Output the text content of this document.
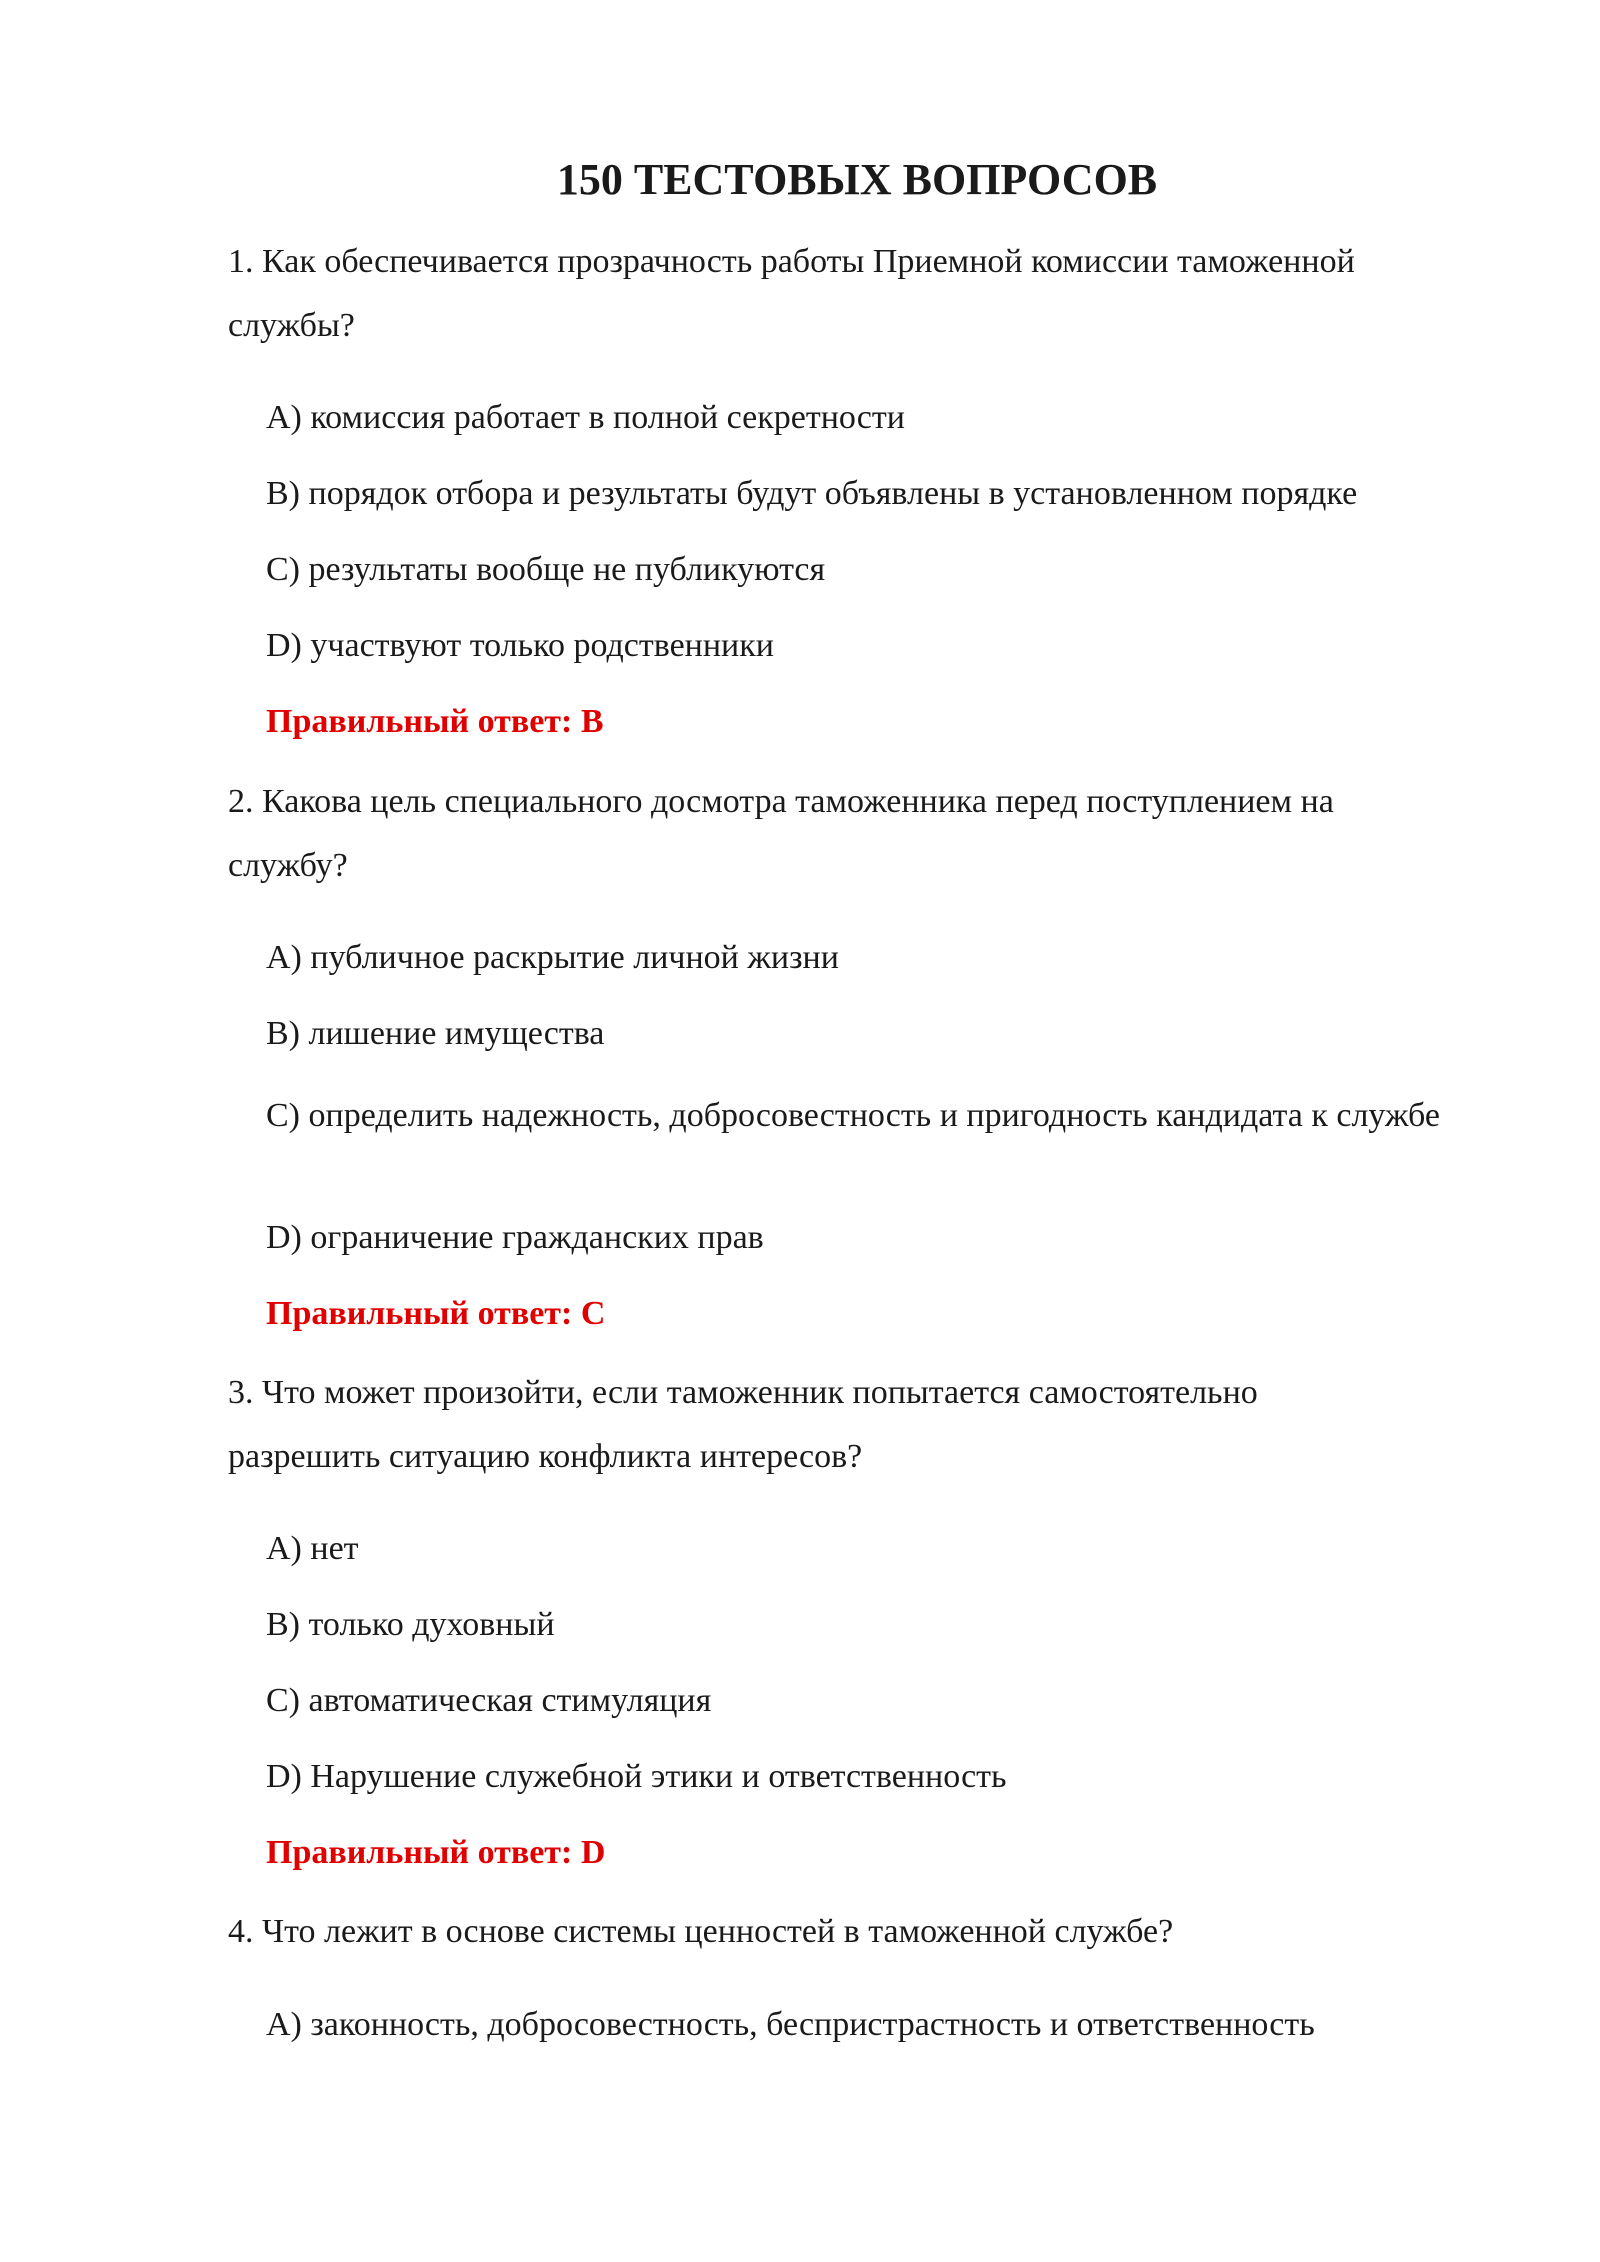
150 ТЕСТОВЫХ ВОПРОСОВ
1. Как обеспечивается прозрачность работы Приемной комиссии таможенной
службы?
A) комиссия работает в полной секретности
B) порядок отбора и результаты будут объявлены в установленном порядке
C) результаты вообще не публикуются
D) участвуют только родственники
Правильный ответ: B
2. Какова цель специального досмотра таможенника перед поступлением на
службу?
A) публичное раскрытие личной жизни
B) лишение имущества
C) определить надежность, добросовестность и пригодность кандидата к службе
D) ограничение гражданских прав
Правильный ответ: C
3. Что может произойти, если таможенник попытается самостоятельно
разрешить ситуацию конфликта интересов?
A) нет
B) только духовный
C) автоматическая стимуляция
D) Нарушение служебной этики и ответственность
Правильный ответ: D
4. Что лежит в основе системы ценностей в таможенной службе?
A) законность, добросовестность, беспристрастность и ответственность
